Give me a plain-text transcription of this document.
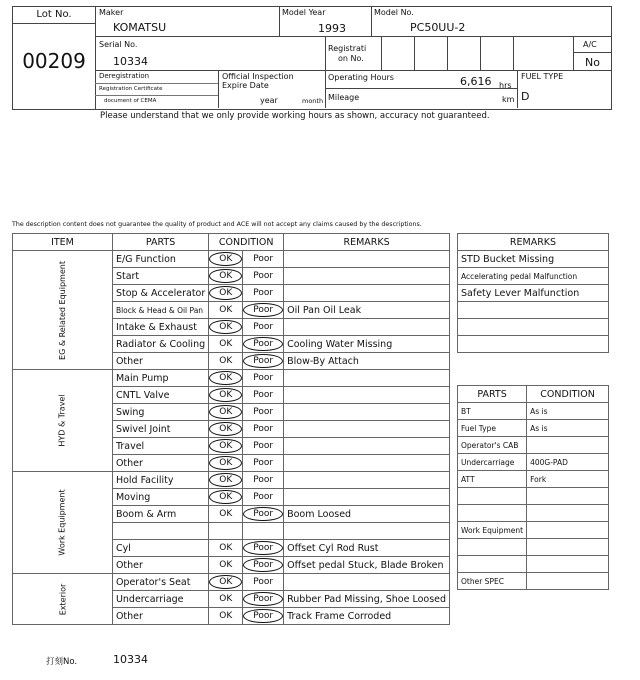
Lot No.
00209
Maker
KOMATSU
Model Year
1993
Model No.
PC50UU-2
Serial No.
10334
Registrati
on No.
A/C
No
Deregistration
Registration Certificate
document of CEMA
Official Inspection
Expire Date
year	month
Operating Hours	6,616 hrs
Mileage	km
FUEL TYPE
D
Please understand that we only provide working hours as shown, accuracy not guaranteed.
The description content does not guarantee the quality of product and ACE will not accept any claims caused by the descriptions.
ITEM	PARTS	CONDITION		REMARKS
EG & Related Equipment	E/G Function	OK	Poor	
	Start	OK	Poor	
	Stop & Accelerator	OK	Poor	
	Block & Head & Oil Pan	OK	Poor	Oil Pan Oil Leak
	Intake & Exhaust	OK	Poor	
	Radiator & Cooling	OK	Poor	Cooling Water Missing
	Other	OK	Poor	Blow-By Attach
HYD & Travel	Main Pump	OK	Poor	
	CNTL Valve	OK	Poor	
	Swing	OK	Poor	
	Swivel Joint	OK	Poor	
	Travel	OK	Poor	
	Other	OK	Poor	
Work Equipment	Hold Facility	OK	Poor	
	Moving	OK	Poor	
	Boom & Arm	OK	Poor	Boom Loosed

	Cyl	OK	Poor	Offset Cyl Rod Rust
	Other	OK	Poor	Offset pedal Stuck, Blade Broken
Exterior	Operator's Seat	OK	Poor	
	Undercarriage	OK	Poor	Rubber Pad Missing, Shoe Loosed
	Other	OK	Poor	Track Frame Corroded
REMARKS
STD Bucket Missing
Accelerating pedal Malfunction
Safety Lever Malfunction

PARTS	CONDITION
BT	As is
Fuel Type	As is
Operator's CAB	
Undercarriage	400G-PAD
ATT	Fork

Work Equipment	

Other SPEC	
打刻No.	10334
